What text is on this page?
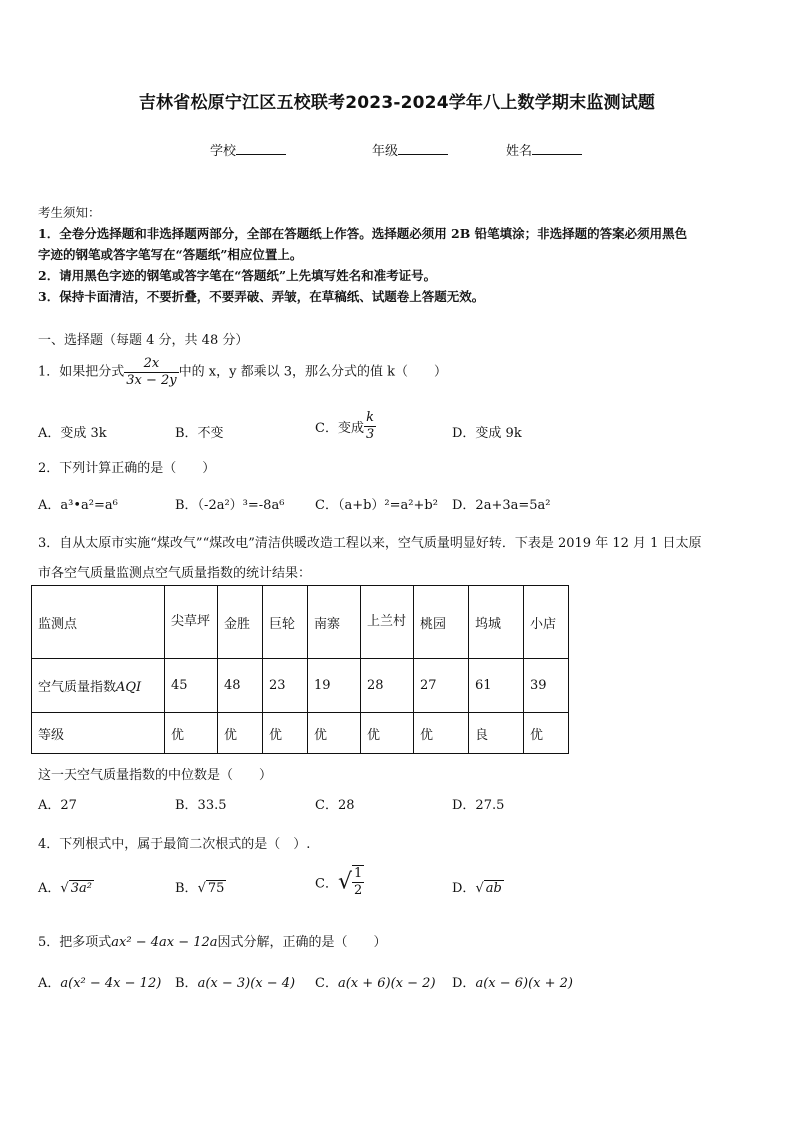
吉林省松原宁江区五校联考2023-2024学年八上数学期末监测试题
学校	年级	姓名
考生须知：
1．全卷分选择题和非选择题两部分，全部在答题纸上作答。选择题必须用 2B 铅笔填涂；非选择题的答案必须用黑色
字迹的钢笔或答字笔写在“答题纸”相应位置上。
2．请用黑色字迹的钢笔或答字笔在“答题纸”上先填写姓名和准考证号。
3．保持卡面清洁，不要折叠，不要弄破、弄皱，在草稿纸、试题卷上答题无效。
一、选择题（每题 4 分，共 48 分）
1．如果把分式 $\frac{2x}{3x - 2y}$ 中的 x，y 都乘以 3，那么分式的值 k（　　）
A．变成 3k	B．不变	C．变成 $\frac{k}{3}$	D．变成 9k
2．下列计算正确的是（　　）
A．a³•a²=a⁶	B．（-2a²）³=-8a⁶ C．（a+b）²=a²+b² D．2a+3a=5a²
3．自从太原市实施“煤改气”“煤改电”清洁供暖改造工程以来，空气质量明显好转．下表是 2019 年 12 月 1 日太原
市各空气质量监测点空气质量指数的统计结果：
监测点	尖草坪	金胜	巨轮	南寨	上兰村	桃园	坞城	小店
空气质量指数AQI	45	48	23	19	28	27	61	39
等级	优	优	优	优	优	优	良	优
这一天空气质量指数的中位数是（　　）
A．27	B．33.5	C．28	D．27.5
4．下列根式中，属于最简二次根式的是（　）.
A．√ 3a²	B．√ 75	C．√ $\frac{1}{2}$	D．√ ab
5．把多项式ax² − 4ax − 12a因式分解，正确的是（　　）
A．a(x² − 4x − 12) B．a(x − 3)(x − 4) C．a(x + 6)(x − 2) D．a(x − 6)(x + 2)
